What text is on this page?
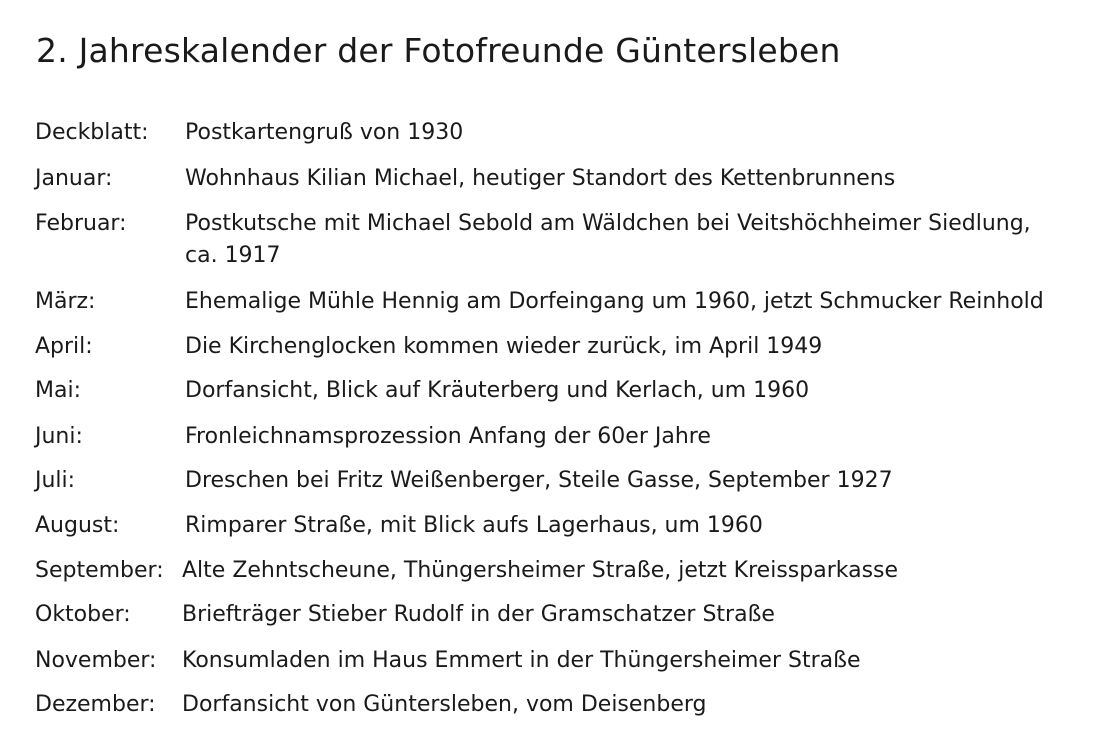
2. Jahreskalender der Fotofreunde Güntersleben
Deckblatt: Postkartengruß von 1930
Januar:	Wohnhaus Kilian Michael, heutiger Standort des Kettenbrunnens
Februar:	Postkutsche mit Michael Sebold am Wäldchen bei Veitshöchheimer Siedlung,
ca. 1917
März:	Ehemalige Mühle Hennig am Dorfeingang um 1960, jetzt Schmucker Reinhold
April:	Die Kirchenglocken kommen wieder zurück, im April 1949
Mai:	Dorfansicht, Blick auf Kräuterberg und Kerlach, um 1960
Juni:	Fronleichnamsprozession Anfang der 60er Jahre
Juli:	Dreschen bei Fritz Weißenberger, Steile Gasse, September 1927
August:	Rimparer Straße, mit Blick aufs Lagerhaus, um 1960
September: Alte Zehntscheune, Thüngersheimer Straße, jetzt Kreissparkasse
Oktober: Briefträger Stieber Rudolf in der Gramschatzer Straße
November: Konsumladen im Haus Emmert in der Thüngersheimer Straße
Dezember: Dorfansicht von Güntersleben, vom Deisenberg
